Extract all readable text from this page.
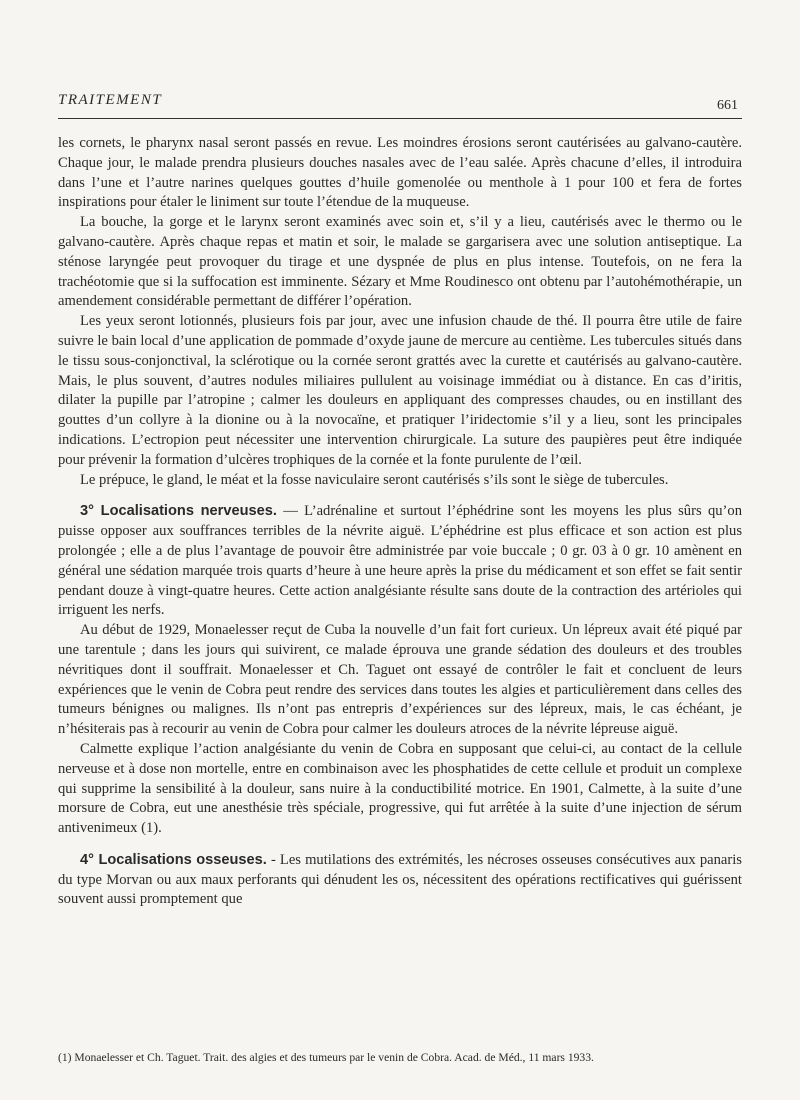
TRAITEMENT	661

les cornets, le pharynx nasal seront passés en revue. Les moindres érosions seront cautérisées au galvano-cautère. Chaque jour, le malade prendra plusieurs douches nasales avec de l’eau salée. Après chacune d’elles, il introduira dans l’une et l’autre narines quelques gouttes d’huile gomenolée ou menthole à 1 pour 100 et fera de fortes inspirations pour étaler le liniment sur toute l’étendue de la muqueuse.

La bouche, la gorge et le larynx seront examinés avec soin et, s’il y a lieu, cautérisés avec le thermo ou le galvano-cautère. Après chaque repas et matin et soir, le malade se gargarisera avec une solution antiseptique. La sténose laryngée peut provoquer du tirage et une dyspnée de plus en plus intense. Toutefois, on ne fera la trachéotomie que si la suffocation est imminente. Sézary et Mme Roudinesco ont obtenu par l’autohémothérapie, un amendement considérable permettant de différer l’opération.

Les yeux seront lotionnés, plusieurs fois par jour, avec une infusion chaude de thé. Il pourra être utile de faire suivre le bain local d’une application de pommade d’oxyde jaune de mercure au centième. Les tubercules situés dans le tissu sous-conjonctival, la sclérotique ou la cornée seront grattés avec la curette et cautérisés au galvano-cautère. Mais, le plus souvent, d’autres nodules miliaires pullulent au voisinage immédiat ou à distance. En cas d’iritis, dilater la pupille par l’atropine ; calmer les douleurs en appliquant des compresses chaudes, ou en instillant des gouttes d’un collyre à la dionine ou à la novocaïne, et pratiquer l’iridectomie s’il y a lieu, sont les principales indications. L’ectropion peut nécessiter une intervention chirurgicale. La suture des paupières peut être indiquée pour prévenir la formation d’ulcères trophiques de la cornée et la fonte purulente de l’œil.

Le prépuce, le gland, le méat et la fosse naviculaire seront cautérisés s’ils sont le siège de tubercules.

3° Localisations nerveuses. — L’adrénaline et surtout l’éphédrine sont les moyens les plus sûrs qu’on puisse opposer aux souffrances terribles de la névrite aiguë. L’éphédrine est plus efficace et son action est plus prolongée ; elle a de plus l’avantage de pouvoir être administrée par voie buccale ; 0 gr. 03 à 0 gr. 10 amènent en général une sédation marquée trois quarts d’heure à une heure après la prise du médicament et son effet se fait sentir pendant douze à vingt-quatre heures. Cette action analgésiante résulte sans doute de la contraction des artérioles qui irriguent les nerfs.

Au début de 1929, Monaelesser reçut de Cuba la nouvelle d’un fait fort curieux. Un lépreux avait été piqué par une tarentule ; dans les jours qui suivirent, ce malade éprouva une grande sédation des douleurs et des troubles névritiques dont il souffrait. Monaelesser et Ch. Taguet ont essayé de contrôler le fait et concluent de leurs expériences que le venin de Cobra peut rendre des services dans toutes les algies et particulièrement dans celles des tumeurs bénignes ou malignes. Ils n’ont pas entrepris d’expériences sur des lépreux, mais, le cas échéant, je n’hésiterais pas à recourir au venin de Cobra pour calmer les douleurs atroces de la névrite lépreuse aiguë.

Calmette explique l’action analgésiante du venin de Cobra en supposant que celui-ci, au contact de la cellule nerveuse et à dose non mortelle, entre en combinaison avec les phosphatides de cette cellule et produit un complexe qui supprime la sensibilité à la douleur, sans nuire à la conductibilité motrice. En 1901, Calmette, à la suite d’une morsure de Cobra, eut une anesthésie très spéciale, progressive, qui fut arrêtée à la suite d’une injection de sérum antivenimeux (1).

4° Localisations osseuses. - Les mutilations des extrémités, les nécroses osseuses consécutives aux panaris du type Morvan ou aux maux perforants qui dénudent les os, nécessitent des opérations rectificatives qui guérissent souvent aussi promptement que

(1) Monaelesser et Ch. Taguet. Trait. des algies et des tumeurs par le venin de Cobra. Acad. de Méd., 11 mars 1933.
